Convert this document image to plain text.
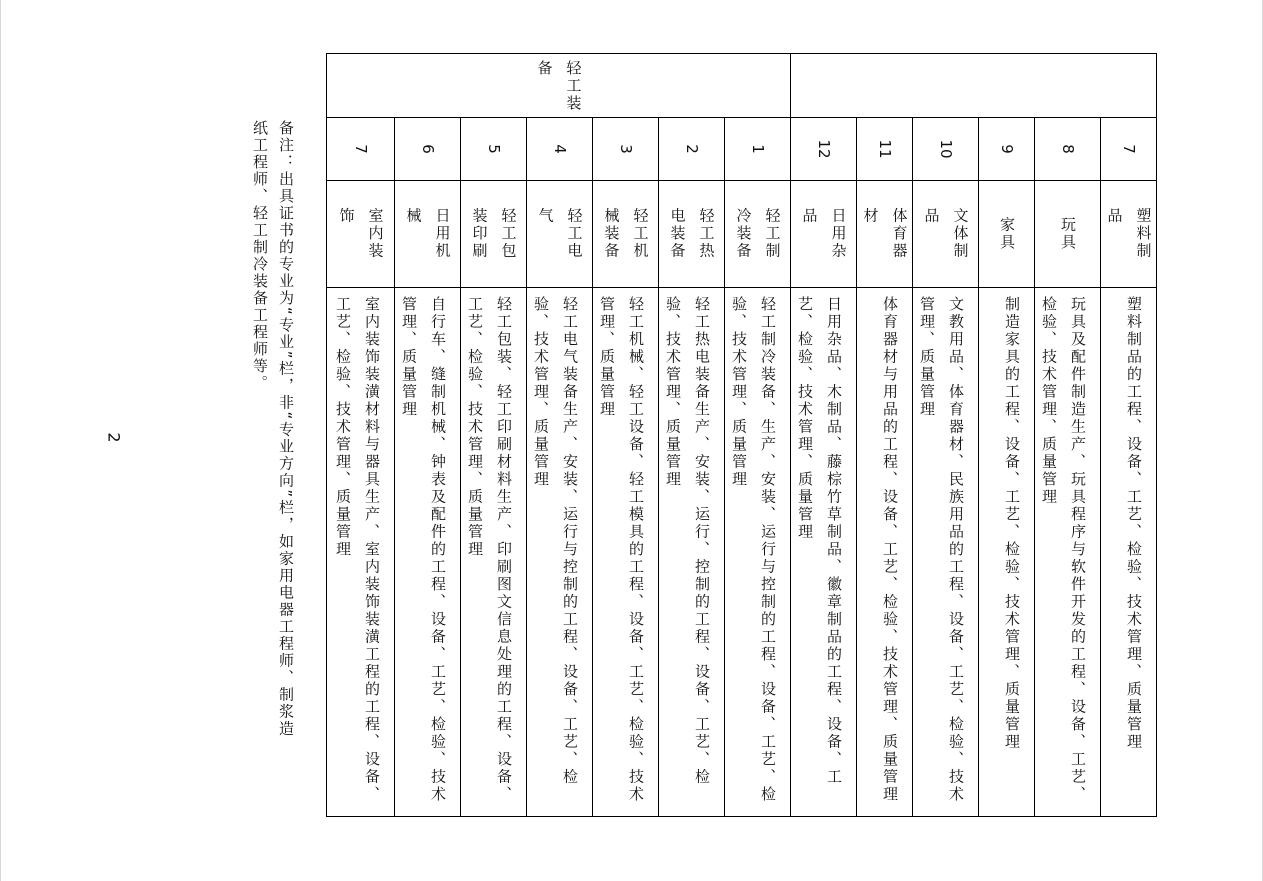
轻工装备
7
塑料制品
塑料制品的工程、设备、工艺、检验、技术管理、质量管理
8
玩具
玩具及配件制造生产、玩具程序与软件开发的工程、设备、工艺、检验、技术管理、质量管理
9
家具
制造家具的工程、设备、工艺、检验、技术管理、质量管理
10
文体制品
文教用品、体育器材、民族用品的工程、设备、工艺、检验、技术管理、质量管理
11
体育器材
体育器材与用品的工程、设备、工艺、检验、技术管理、质量管理
12
日用杂品
日用杂品、木制品、藤棕竹草制品、徽章制品的工程、设备、工艺、检验、技术管理、质量管理
1
轻工制冷装备
轻工制冷装备、生产、安装、运行与控制的工程、设备、工艺、检验、技术管理、质量管理
2
轻工热电装备
轻工热电装备生产、安装、运行、控制的工程、设备、工艺、检验、技术管理、质量管理
3
轻工机械装备
轻工机械、轻工设备、轻工模具的工程、设备、工艺、检验、技术管理、质量管理
4
轻工电气
轻工电气装备生产、安装、运行与控制的工程、设备、工艺、检验、技术管理、质量管理
5
轻工包装印刷
轻工包装、轻工印刷材料生产、印刷图文信息处理的工程、设备、工艺、检验、技术管理、质量管理
6
日用机械
自行车、缝制机械、钟表及配件的工程、设备、工艺、检验、技术管理、质量管理
7
室内装饰
室内装饰装潢材料与器具生产、室内装饰装潢工程的工程、设备、工艺、检验、技术管理、质量管理
备注：出具证书的专业为“专业”栏，非“专业方向”栏，如家用电器工程师、制浆造纸工程师、轻工制冷装备工程师等。
2
